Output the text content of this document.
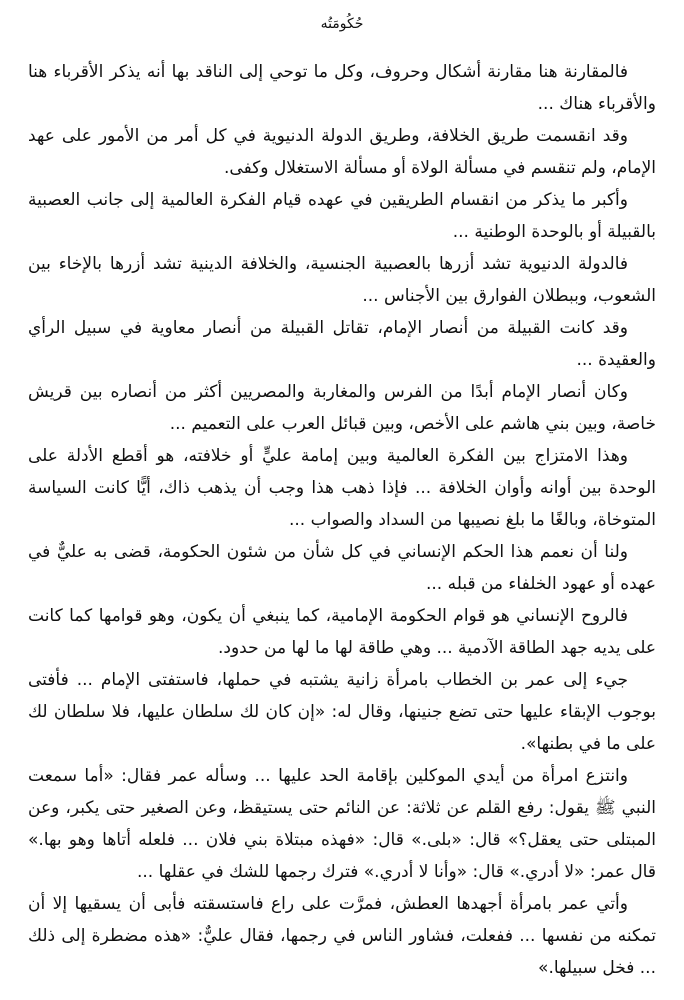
حُكُومَتُه

فالمقارنة هنا مقارنة أشكال وحروف، وكل ما توحي إلى الناقد بها أنه يذكر الأقرباء هنا والأقرباء هناك ...

وقد انقسمت طريق الخلافة، وطريق الدولة الدنيوية في كل أمر من الأمور على عهد الإمام، ولم تنقسم في مسألة الولاة أو مسألة الاستغلال وكفى.

وأكبر ما يذكر من انقسام الطريقين في عهده قيام الفكرة العالمية إلى جانب العصبية بالقبيلة أو بالوحدة الوطنية ...

فالدولة الدنيوية تشد أزرها بالعصبية الجنسية، والخلافة الدينية تشد أزرها بالإخاء بين الشعوب، وببطلان الفوارق بين الأجناس ...

وقد كانت القبيلة من أنصار الإمام، تقاتل القبيلة من أنصار معاوية في سبيل الرأي والعقيدة ...

وكان أنصار الإمام أبدًا من الفرس والمغاربة والمصريين أكثر من أنصاره بين قريش خاصة، وبين بني هاشم على الأخص، وبين قبائل العرب على التعميم ...

وهذا الامتزاج بين الفكرة العالمية وبين إمامة عليٍّ أو خلافته، هو أقطع الأدلة على الوحدة بين أوانه وأوان الخلافة ... فإذا ذهب هذا وجب أن يذهب ذاك، أيًّا كانت السياسة المتوخاة، وبالغًا ما بلغ نصيبها من السداد والصواب ...

ولنا أن نعمم هذا الحكم الإنساني في كل شأن من شئون الحكومة، قضى به عليٌّ في عهده أو عهود الخلفاء من قبله ...

فالروح الإنساني هو قوام الحكومة الإمامية، كما ينبغي أن يكون، وهو قوامها كما كانت على يديه جهد الطاقة الآدمية ... وهي طاقة لها ما لها من حدود.

جيء إلى عمر بن الخطاب بامرأة زانية يشتبه في حملها، فاستفتى الإمام ... فأفتى بوجوب الإبقاء عليها حتى تضع جنينها، وقال له: «إن كان لك سلطان عليها، فلا سلطان لك على ما في بطنها».

وانتزع امرأة من أيدي الموكلين بإقامة الحد عليها ... وسأله عمر فقال: «أما سمعت النبي ﷺ يقول: رفع القلم عن ثلاثة: عن النائم حتى يستيقظ، وعن الصغير حتى يكبر، وعن المبتلى حتى يعقل؟» قال: «بلى.» قال: «فهذه مبتلاة بني فلان ... فلعله أتاها وهو بها.» قال عمر: «لا أدري.» قال: «وأنا لا أدري.» فترك رجمها للشك في عقلها ...

وأتي عمر بامرأة أجهدها العطش، فمرَّت على راع فاستسقته فأبى أن يسقيها إلا أن تمكنه من نفسها ... ففعلت، فشاور الناس في رجمها، فقال عليٌّ: «هذه مضطرة إلى ذلك ... فخل سبيلها.»
